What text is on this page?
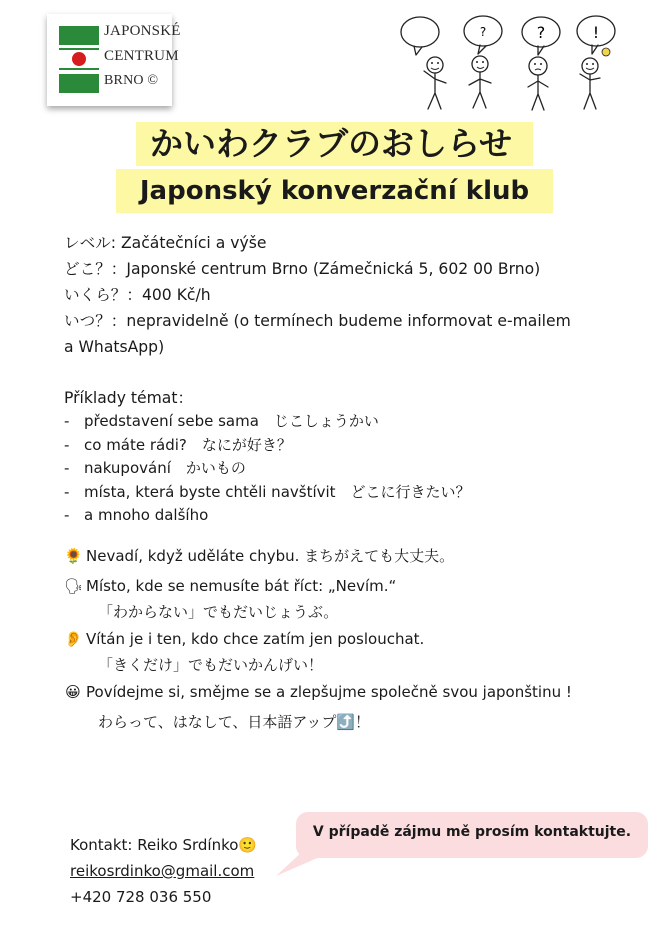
JAPONSKÉ
CENTRUM
BRNO ©
?
?	!
かいわクラブのおしらせ
Japonský konverzační klub
レベル: Začátečníci a výše
どこ？：Japonské centrum Brno (Zámečnická 5, 602 00 Brno)
いくら？：400 Kč/h
いつ？：nepravidelně (o termínech budeme informovat e-mailem
a WhatsApp)
Příklady témat：
- představení sebe sama　じこしょうかい
- co máte rádi?　なにが好き？
- nakupování　かいもの
- místa, která byste chtěli navštívit　どこに行きたい？
- a mnoho dalšího
🌻 Nevadí, když uděláte chybu. まちがえても大丈夫。
🗣 Místo, kde se nemusíte bát říct: „Nevím.“
「わからない」でもだいじょうぶ。
👂 Vítán je i ten, kdo chce zatím jen poslouchat.
「きくだけ」でもだいかんげい！
😀 Povídejme si, smějme se a zlepšujme společně svou japonštinu !
わらって、はなして、日本語アップ⤴️！
V případě zájmu mě prosím kontaktujte.
Kontakt: Reiko Srdínko🙂
reikosrdinko@gmail.com
+420 728 036 550
